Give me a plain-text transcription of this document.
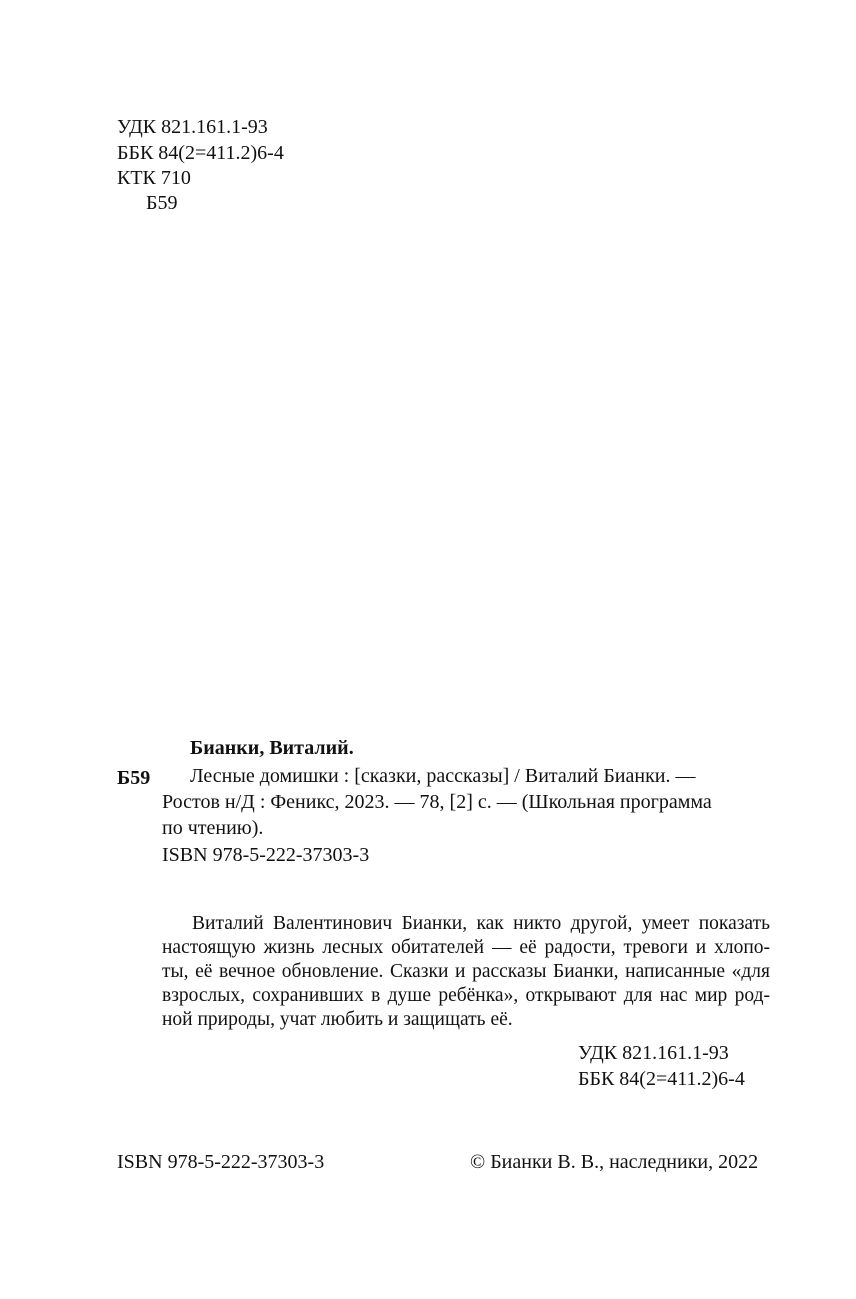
УДК 821.161.1-93
ББК 84(2=411.2)6-4
КТК 710
Б59
Бианки, Виталий.
Б59 Лесные домишки : [сказки, рассказы] / Виталий Бианки. —
Ростов н/Д : Феникс, 2023. — 78, [2] с. — (Школьная программа
по чтению).
ISBN 978-5-222-37303-3
Виталий Валентинович Бианки, как никто другой, умеет показать
настоящую жизнь лесных обитателей — её радости, тревоги и хлопо-
ты, её вечное обновление. Сказки и рассказы Бианки, написанные «для
взрослых, сохранивших в душе ребёнка», открывают для нас мир род-
ной природы, учат любить и защищать её.
УДК 821.161.1-93
ББК 84(2=411.2)6-4
ISBN 978-5-222-37303-3	© Бианки В. В., наследники, 2022
